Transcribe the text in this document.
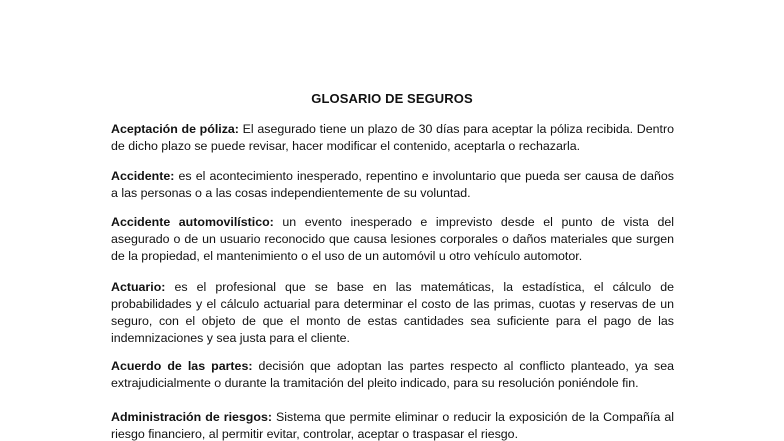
GLOSARIO DE SEGUROS

Aceptación de póliza: El asegurado tiene un plazo de 30 días para aceptar la póliza recibida. Dentro de dicho plazo se puede revisar, hacer modificar el contenido, aceptarla o rechazarla.

Accidente: es el acontecimiento inesperado, repentino e involuntario que pueda ser causa de daños a las personas o a las cosas independientemente de su voluntad.

Accidente automovilístico: un evento inesperado e imprevisto desde el punto de vista del asegurado o de un usuario reconocido que causa lesiones corporales o daños materiales que surgen de la propiedad, el mantenimiento o el uso de un automóvil u otro vehículo automotor.

Actuario: es el profesional que se base en las matemáticas, la estadística, el cálculo de probabilidades y el cálculo actuarial para determinar el costo de las primas, cuotas y reservas de un seguro, con el objeto de que el monto de estas cantidades sea suficiente para el pago de las indemnizaciones y sea justa para el cliente.

Acuerdo de las partes: decisión que adoptan las partes respecto al conflicto planteado, ya sea extrajudicialmente o durante la tramitación del pleito indicado, para su resolución poniéndole fin.

Administración de riesgos: Sistema que permite eliminar o reducir la exposición de la Compañía al riesgo financiero, al permitir evitar, controlar, aceptar o traspasar el riesgo.
